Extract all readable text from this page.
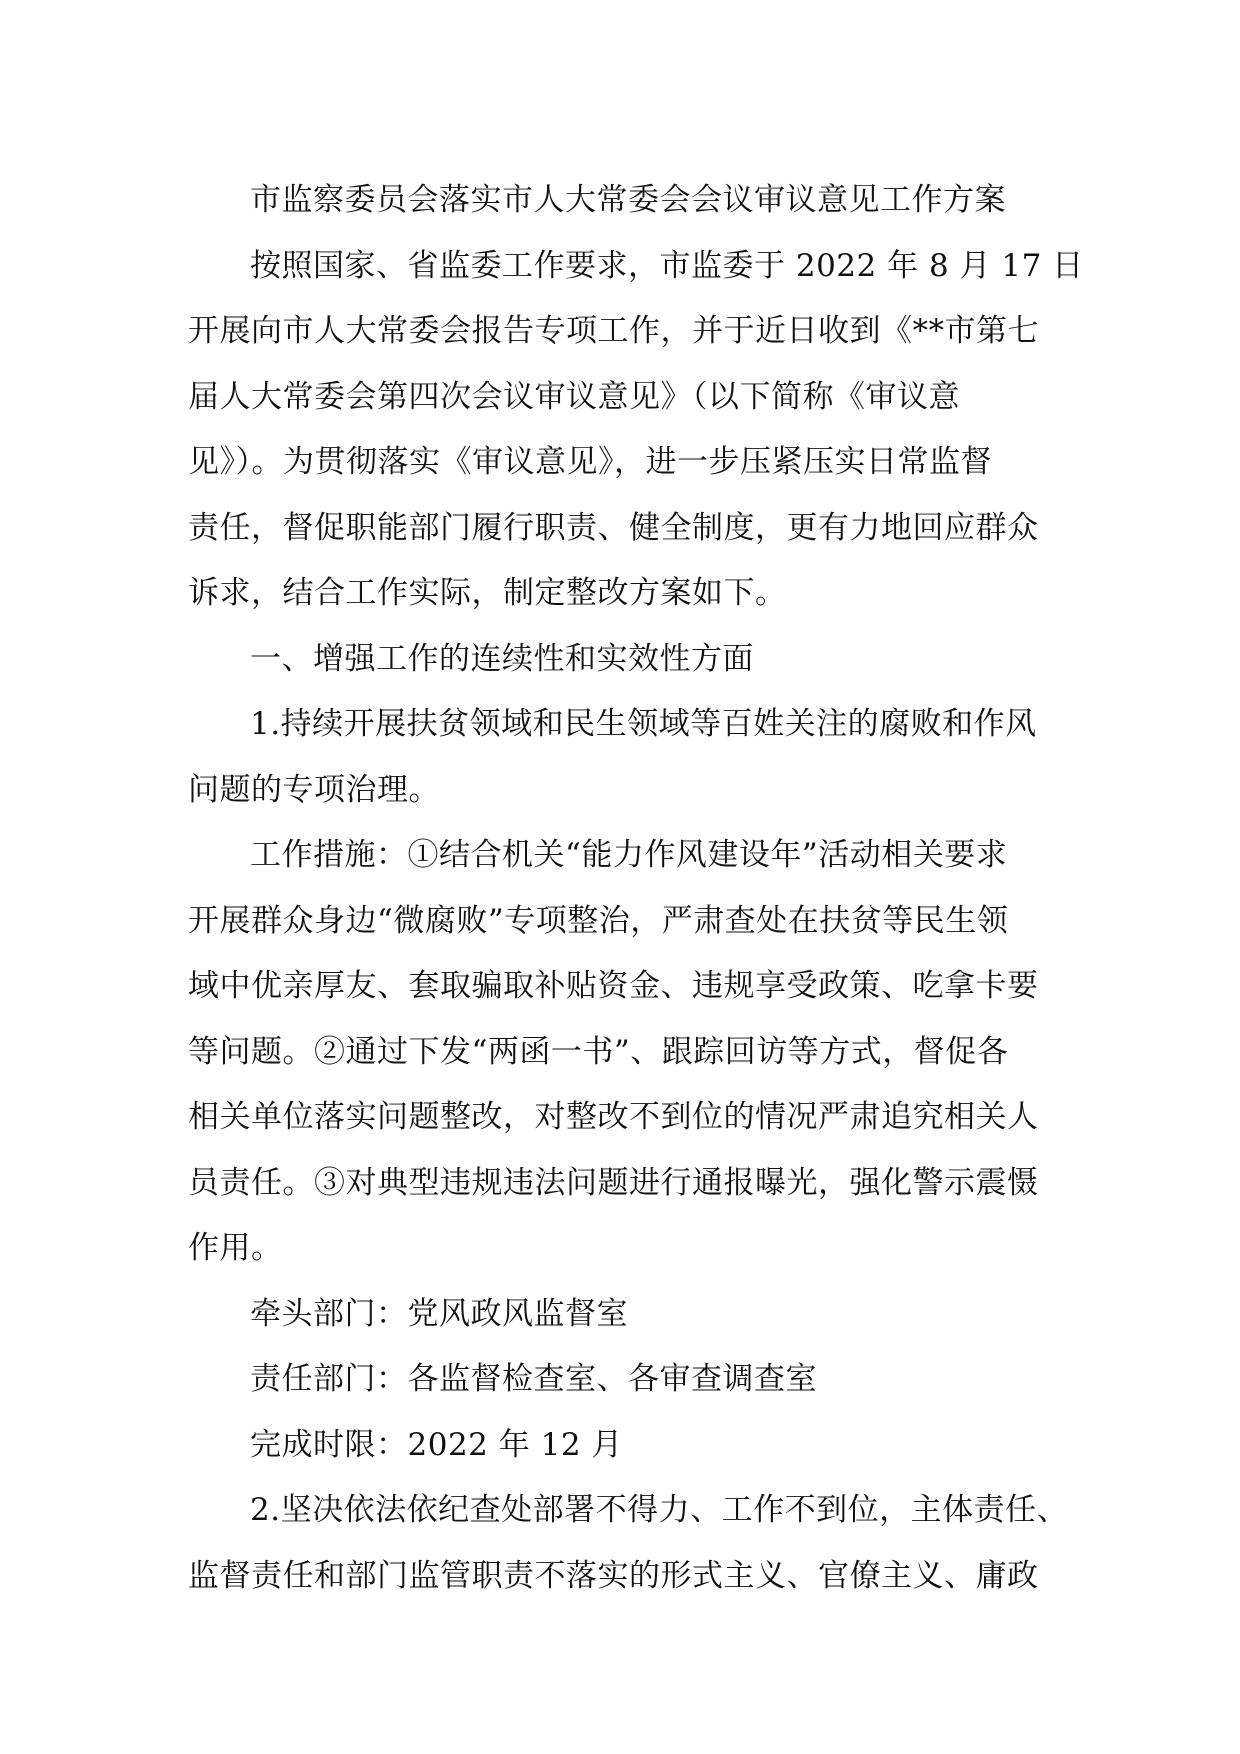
市监察委员会落实市人大常委会会议审议意见工作方案
按照国家、省监委工作要求，市监委于 2022 年 8 月 17 日
开展向市人大常委会报告专项工作，并于近日收到《**市第七
届人大常委会第四次会议审议意见》（以下简称《审议意
见》）。为贯彻落实《审议意见》，进一步压紧压实日常监督
责任，督促职能部门履行职责、健全制度，更有力地回应群众
诉求，结合工作实际，制定整改方案如下。
一、增强工作的连续性和实效性方面
1.持续开展扶贫领域和民生领域等百姓关注的腐败和作风
问题的专项治理。
工作措施：①结合机关“能力作风建设年”活动相关要求
开展群众身边“微腐败”专项整治，严肃查处在扶贫等民生领
域中优亲厚友、套取骗取补贴资金、违规享受政策、吃拿卡要
等问题。②通过下发“两函一书”、跟踪回访等方式，督促各
相关单位落实问题整改，对整改不到位的情况严肃追究相关人
员责任。③对典型违规违法问题进行通报曝光，强化警示震慑
作用。
牵头部门：党风政风监督室
责任部门：各监督检查室、各审查调查室
完成时限：2022 年 12 月
2.坚决依法依纪查处部署不得力、工作不到位，主体责任、
监督责任和部门监管职责不落实的形式主义、官僚主义、庸政
